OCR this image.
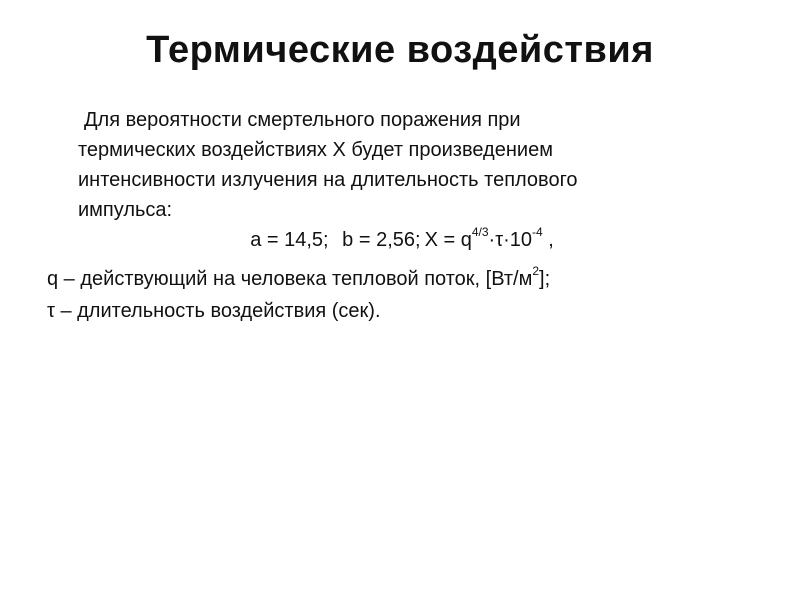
Термические воздействия
Для вероятности смертельного поражения при
термических воздействиях X будет произведением
интенсивности излучения на длительность теплового
импульса:
a = 14,5; b = 2,56; $X = q^{4/3}\cdot\tau\cdot 10^{-4}$ ,
q – действующий на человека тепловой поток, $[Вт/м^2]$;
τ – длительность воздействия (сек).
